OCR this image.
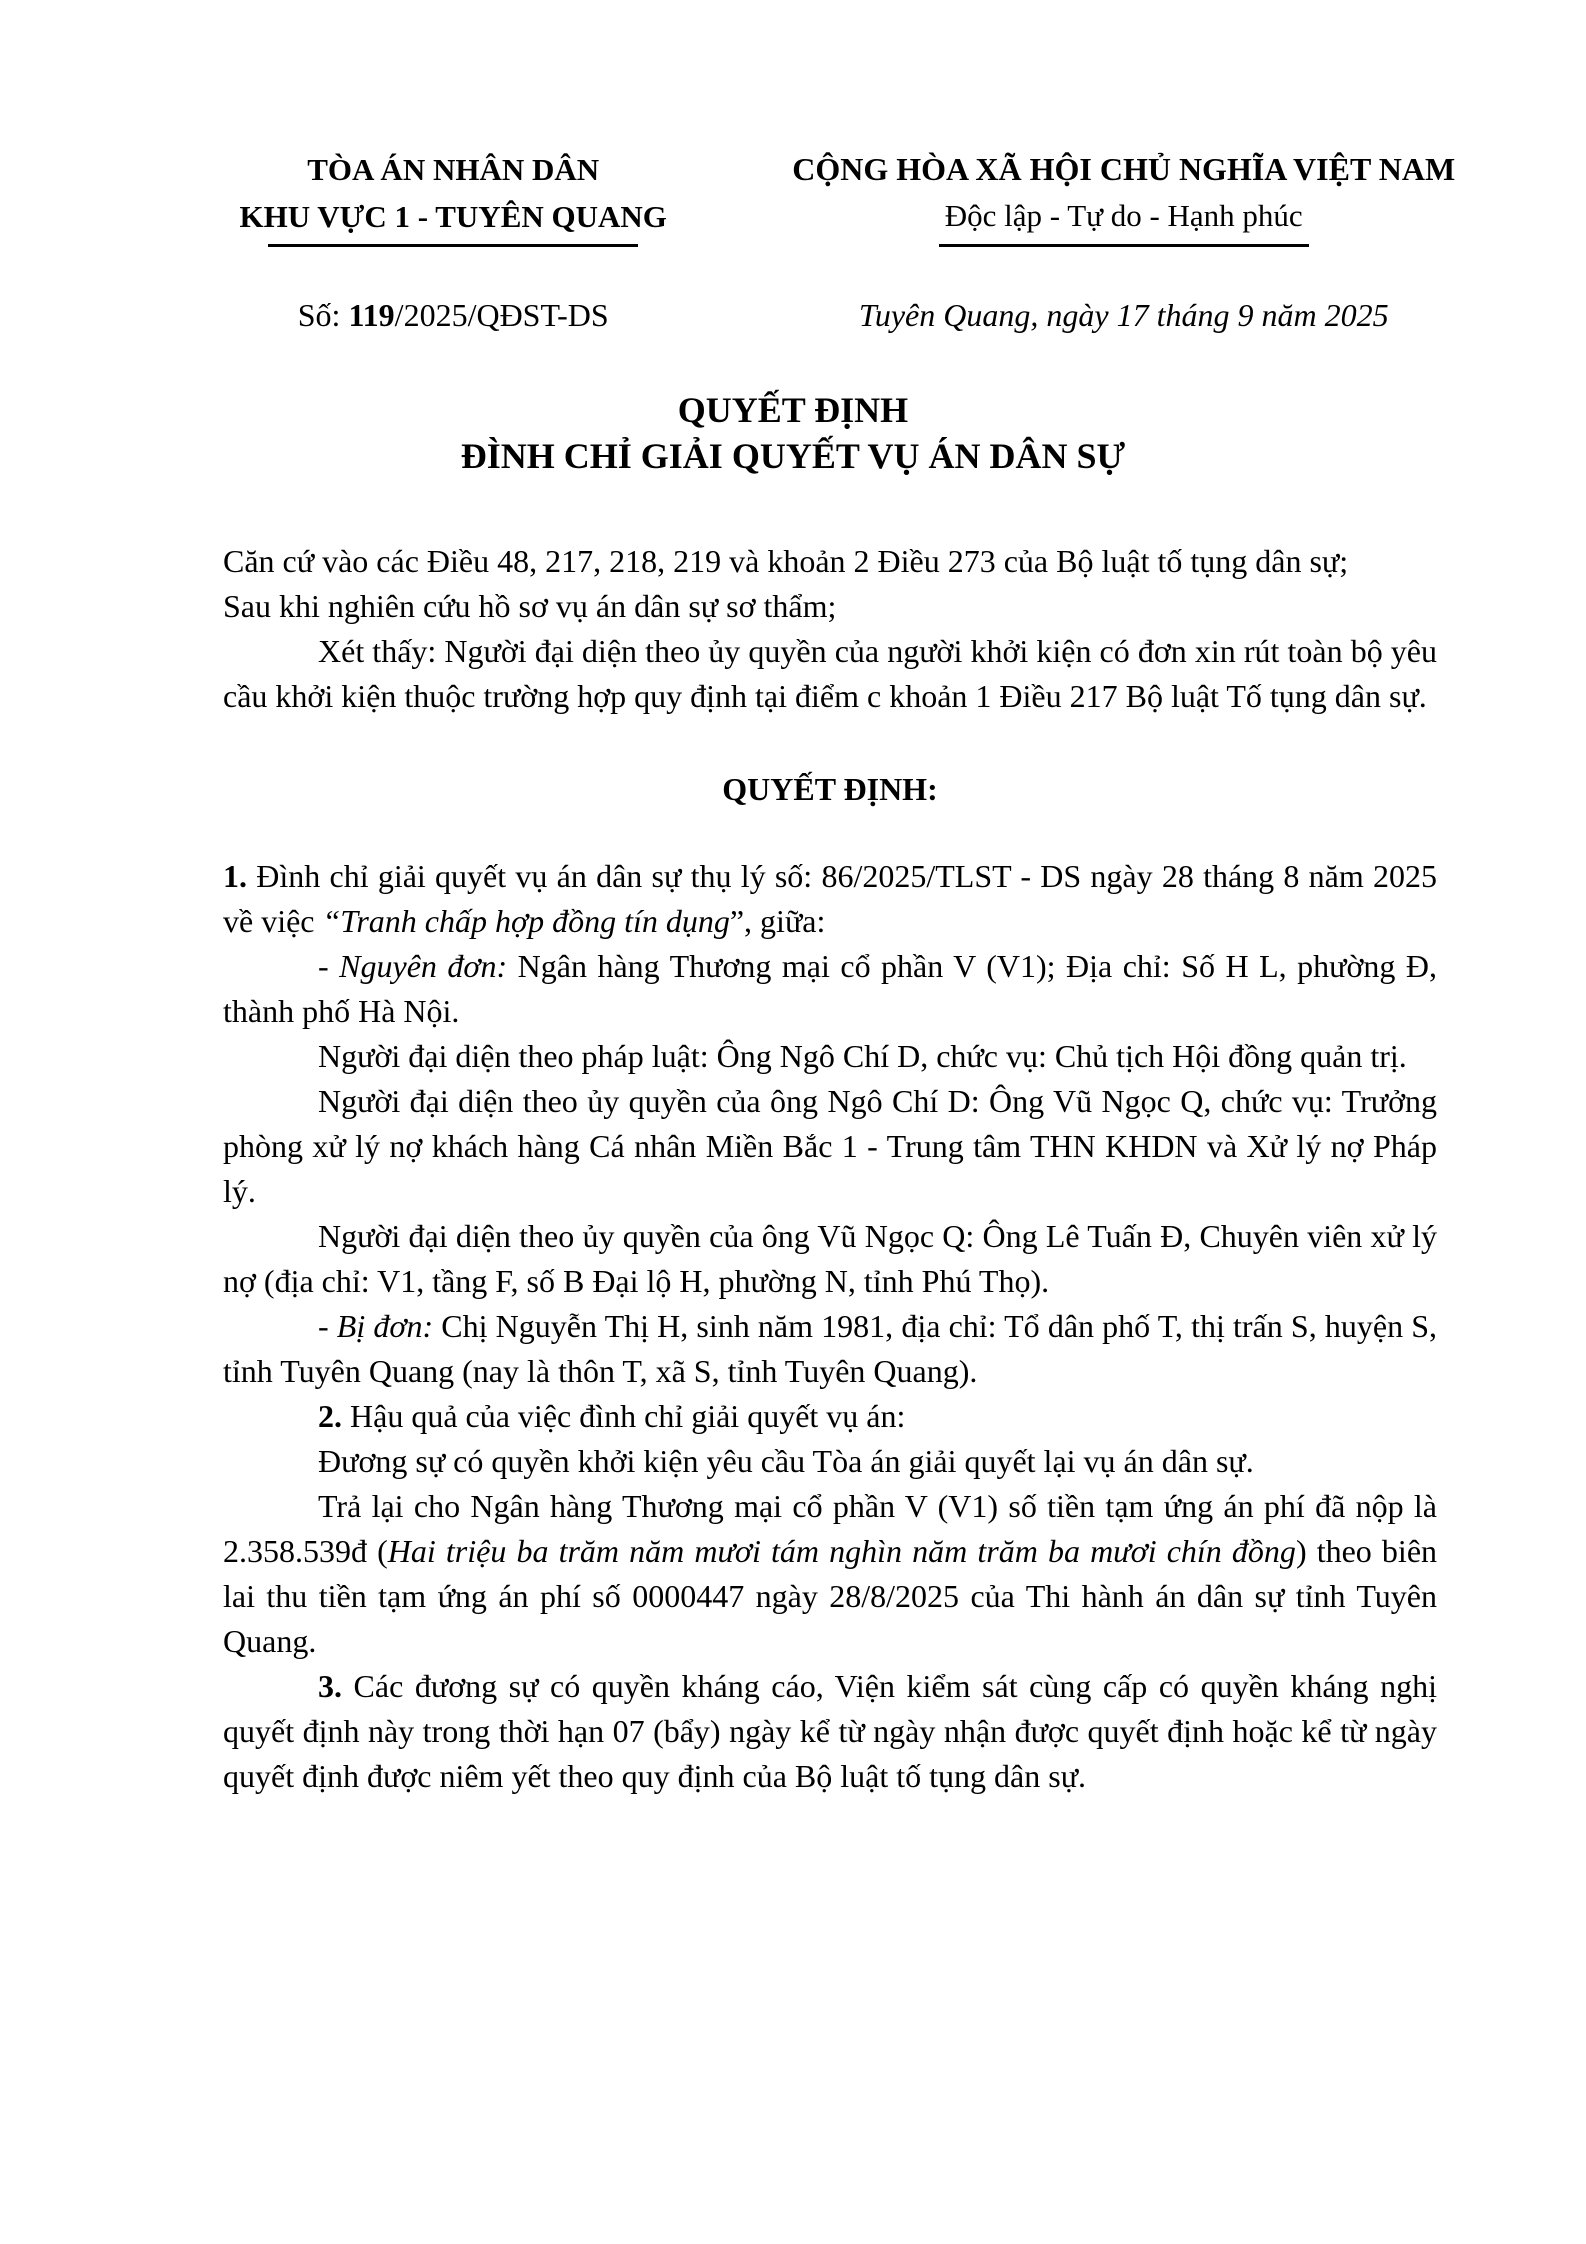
TÒA ÁN NHÂN DÂN
KHU VỰC 1 - TUYÊN QUANG
CỘNG HÒA XÃ HỘI CHỦ NGHĨA VIỆT NAM
Độc lập - Tự do - Hạnh phúc
Số: 119/2025/QĐST-DS	Tuyên Quang, ngày 17 tháng 9 năm 2025
QUYẾT ĐỊNH
ĐÌNH CHỈ GIẢI QUYẾT VỤ ÁN DÂN SỰ

Căn cứ vào các Điều 48, 217, 218, 219 và khoản 2 Điều 273 của Bộ luật tố tụng dân sự;

Sau khi nghiên cứu hồ sơ vụ án dân sự sơ thẩm;

Xét thấy: Người đại diện theo ủy quyền của người khởi kiện có đơn xin rút toàn bộ yêu cầu khởi kiện thuộc trường hợp quy định tại điểm c khoản 1 Điều 217 Bộ luật Tố tụng dân sự.

QUYẾT ĐỊNH:

1. Đình chỉ giải quyết vụ án dân sự thụ lý số: 86/2025/TLST - DS ngày 28 tháng 8 năm 2025 về việc “Tranh chấp hợp đồng tín dụng”, giữa:

- Nguyên đơn: Ngân hàng Thương mại cổ phần V (V1); Địa chỉ: Số H L, phường Đ, thành phố Hà Nội.

Người đại diện theo pháp luật: Ông Ngô Chí D, chức vụ: Chủ tịch Hội đồng quản trị.

Người đại diện theo ủy quyền của ông Ngô Chí D: Ông Vũ Ngọc Q, chức vụ: Trưởng phòng xử lý nợ khách hàng Cá nhân Miền Bắc 1 - Trung tâm THN KHDN và Xử lý nợ Pháp lý.

Người đại diện theo ủy quyền của ông Vũ Ngọc Q: Ông Lê Tuấn Đ, Chuyên viên xử lý nợ (địa chỉ: V1, tầng F, số B Đại lộ H, phường N, tỉnh Phú Thọ).

- Bị đơn: Chị Nguyễn Thị H, sinh năm 1981, địa chỉ: Tổ dân phố T, thị trấn S, huyện S, tỉnh Tuyên Quang (nay là thôn T, xã S, tỉnh Tuyên Quang).

2. Hậu quả của việc đình chỉ giải quyết vụ án:

Đương sự có quyền khởi kiện yêu cầu Tòa án giải quyết lại vụ án dân sự.

Trả lại cho Ngân hàng Thương mại cổ phần V (V1) số tiền tạm ứng án phí đã nộp là 2.358.539đ (Hai triệu ba trăm năm mươi tám nghìn năm trăm ba mươi chín đồng) theo biên lai thu tiền tạm ứng án phí số 0000447 ngày 28/8/2025 của Thi hành án dân sự tỉnh Tuyên Quang.

3. Các đương sự có quyền kháng cáo, Viện kiểm sát cùng cấp có quyền kháng nghị quyết định này trong thời hạn 07 (bẩy) ngày kể từ ngày nhận được quyết định hoặc kể từ ngày quyết định được niêm yết theo quy định của Bộ luật tố tụng dân sự.
